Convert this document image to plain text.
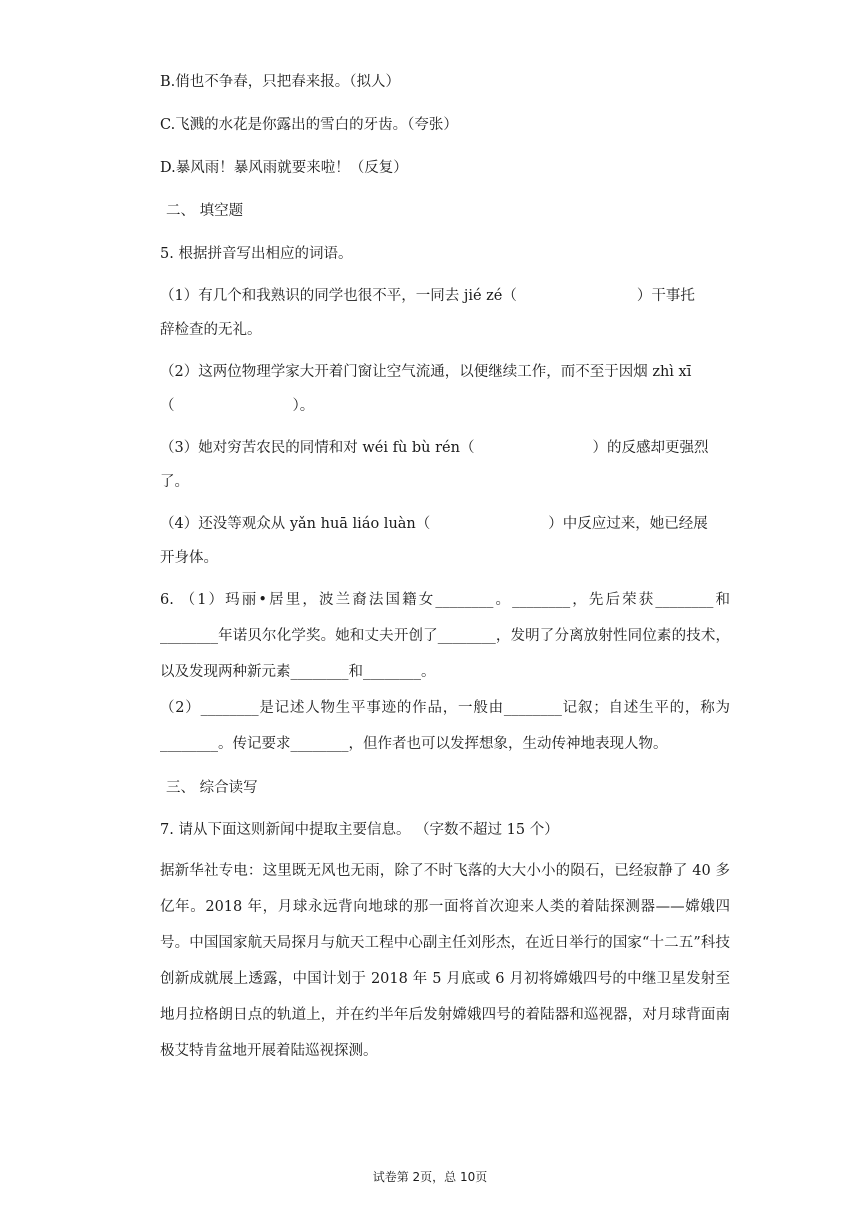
B.俏也不争春，只把春来报。（拟人）
C.飞溅的水花是你露出的雪白的牙齿。（夸张）
D.暴风雨！暴风雨就要来啦！（反复）
二、 填空题
5. 根据拼音写出相应的词语。
（1）有几个和我熟识的同学也很不平，一同去 jié zé（	）干事托
辞检查的无礼。
（2）这两位物理学家大开着门窗让空气流通，以便继续工作，而不至于因烟 zhì xī
（	）。
（3）她对穷苦农民的同情和对 wéi fù bù rén（	）的反感却更强烈
了。
（4）还没等观众从 yǎn huā liáo luàn（	）中反应过来，她已经展
开身体。
6. （1）玛丽•居里，波兰裔法国籍女________。________，先后荣获________和________年诺贝尔化学奖。她和丈夫开创了________，发明了分离放射性同位素的技术，以及发现两种新元素________和________。
（2）________是记述人物生平事迹的作品，一般由________记叙；自述生平的，称为________。传记要求________，但作者也可以发挥想象，生动传神地表现人物。
三、 综合读写
7. 请从下面这则新闻中提取主要信息。 （字数不超过 15 个）
据新华社专电：这里既无风也无雨，除了不时飞落的大大小小的陨石，已经寂静了 40 多亿年。2018 年，月球永远背向地球的那一面将首次迎来人类的着陆探测器——嫦娥四号。中国国家航天局探月与航天工程中心副主任刘彤杰，在近日举行的国家“十二五”科技创新成就展上透露，中国计划于 2018 年 5 月底或 6 月初将嫦娥四号的中继卫星发射至地月拉格朗日点的轨道上，并在约半年后发射嫦娥四号的着陆器和巡视器，对月球背面南极艾特肯盆地开展着陆巡视探测。
试卷第 2页，总 10页
